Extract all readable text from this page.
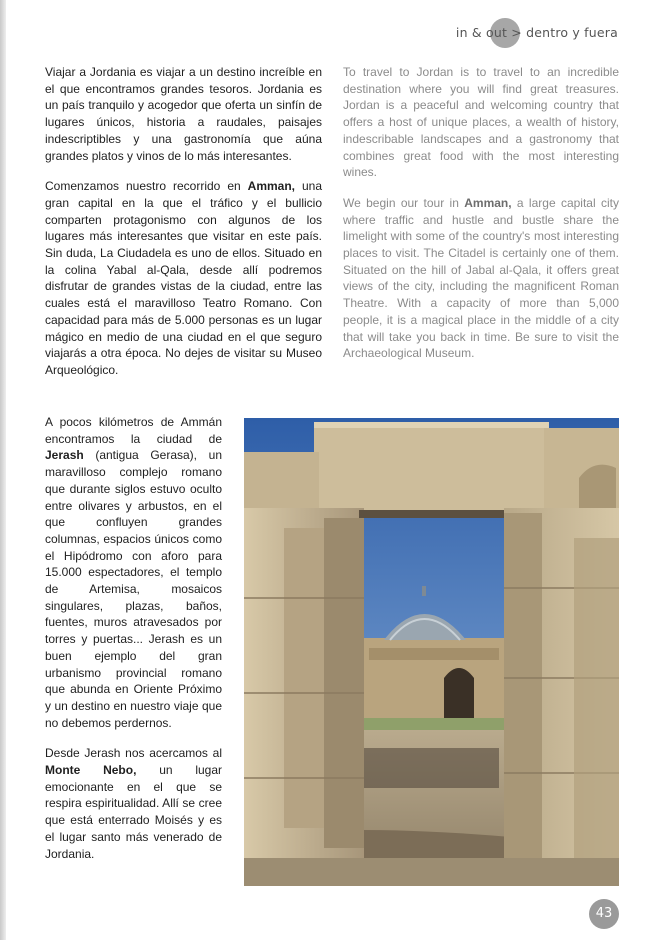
in & out > dentro y fuera

Viajar a Jordania es viajar a un destino increíble en el que encontramos grandes tesoros. Jordania es un país tranquilo y acogedor que oferta un sinfín de lugares únicos, historia a raudales, paisajes indescriptibles y una gastronomía que aúna grandes platos y vinos de lo más interesantes.

Comenzamos nuestro recorrido en Amman, una gran capital en la que el tráfico y el bullicio comparten protagonismo con algunos de los lugares más interesantes que visitar en este país. Sin duda, La Ciudadela es uno de ellos. Situado en la colina Yabal al-Qala, desde allí podremos disfrutar de grandes vistas de la ciudad, entre las cuales está el maravilloso Teatro Romano. Con capacidad para más de 5.000 personas es un lugar mágico en medio de una ciudad en el que seguro viajarás a otra época. No dejes de visitar su Museo Arqueológico.

To travel to Jordan is to travel to an incredible destination where you will find great treasures. Jordan is a peaceful and welcoming country that offers a host of unique places, a wealth of history, indescribable landscapes and a gastronomy that combines great food with the most interesting wines.

We begin our tour in Amman, a large capital city where traffic and hustle and bustle share the limelight with some of the country's most interesting places to visit. The Citadel is certainly one of them. Situated on the hill of Jabal al-Qala, it offers great views of the city, including the magnificent Roman Theatre. With a capacity of more than 5,000 people, it is a magical place in the middle of a city that will take you back in time. Be sure to visit the Archaeological Museum.

A pocos kilómetros de Ammán encontramos la ciudad de Jerash (antigua Gerasa), un maravilloso complejo romano que durante siglos estuvo oculto entre olivares y arbustos, en el que confluyen grandes columnas, espacios únicos como el Hipódromo con aforo para 15.000 espectadores, el templo de Artemisa, mosaicos singulares, plazas, baños, fuentes, muros atravesados por torres y puertas... Jerash es un buen ejemplo del gran urbanismo provincial romano que abunda en Oriente Próximo y un destino en nuestro viaje que no debemos perdernos.

Desde Jerash nos acercamos al Monte Nebo, un lugar emocionante en el que se respira espiritualidad. Allí se cree que está enterrado Moisés y es el lugar santo más venerado de Jordania.

43
